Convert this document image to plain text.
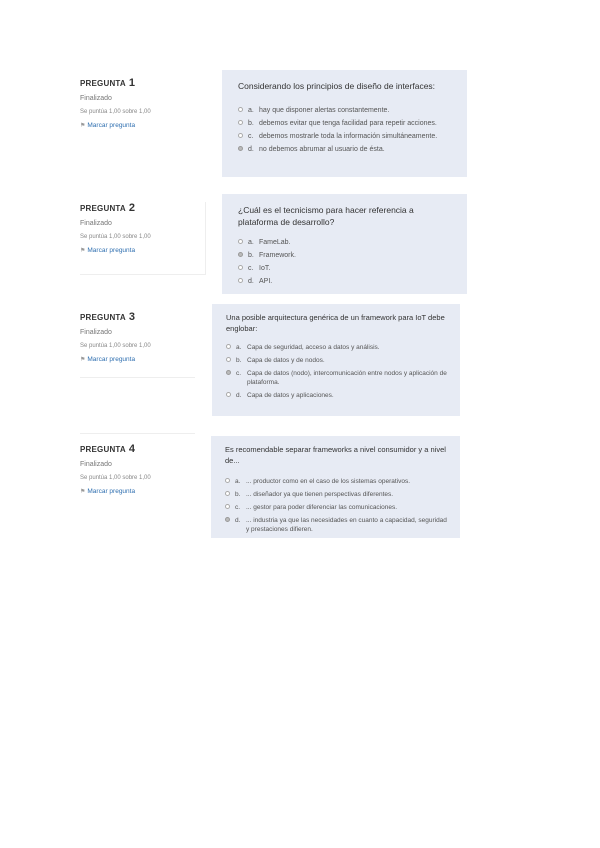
PREGUNTA 1
Finalizado
Se puntúa 1,00 sobre 1,00
⚑ Marcar pregunta
Considerando los principios de diseño de interfaces:
a. hay que disponer alertas constantemente.
b. debemos evitar que tenga facilidad para repetir acciones.
c. debemos mostrarle toda la información simultáneamente.
d. no debemos abrumar al usuario de ésta.
PREGUNTA 2
Finalizado
Se puntúa 1,00 sobre 1,00
⚑ Marcar pregunta
¿Cuál es el tecnicismo para hacer referencia a plataforma de desarrollo?
a. FameLab.
b. Framework.
c. IoT.
d. API.
PREGUNTA 3
Finalizado
Se puntúa 1,00 sobre 1,00
⚑ Marcar pregunta
Una posible arquitectura genérica de un framework para IoT debe englobar:
a. Capa de seguridad, acceso a datos y análisis.
b. Capa de datos y de nodos.
c. Capa de datos (nodo), intercomunicación entre nodos y aplicación de plataforma.
d. Capa de datos y aplicaciones.
PREGUNTA 4
Finalizado
Se puntúa 1,00 sobre 1,00
⚑ Marcar pregunta
Es recomendable separar frameworks a nivel consumidor y a nivel de...
a. ... productor como en el caso de los sistemas operativos.
b. ... diseñador ya que tienen perspectivas diferentes.
c. ... gestor para poder diferenciar las comunicaciones.
d. ... industria ya que las necesidades en cuanto a capacidad, seguridad y prestaciones difieren.
